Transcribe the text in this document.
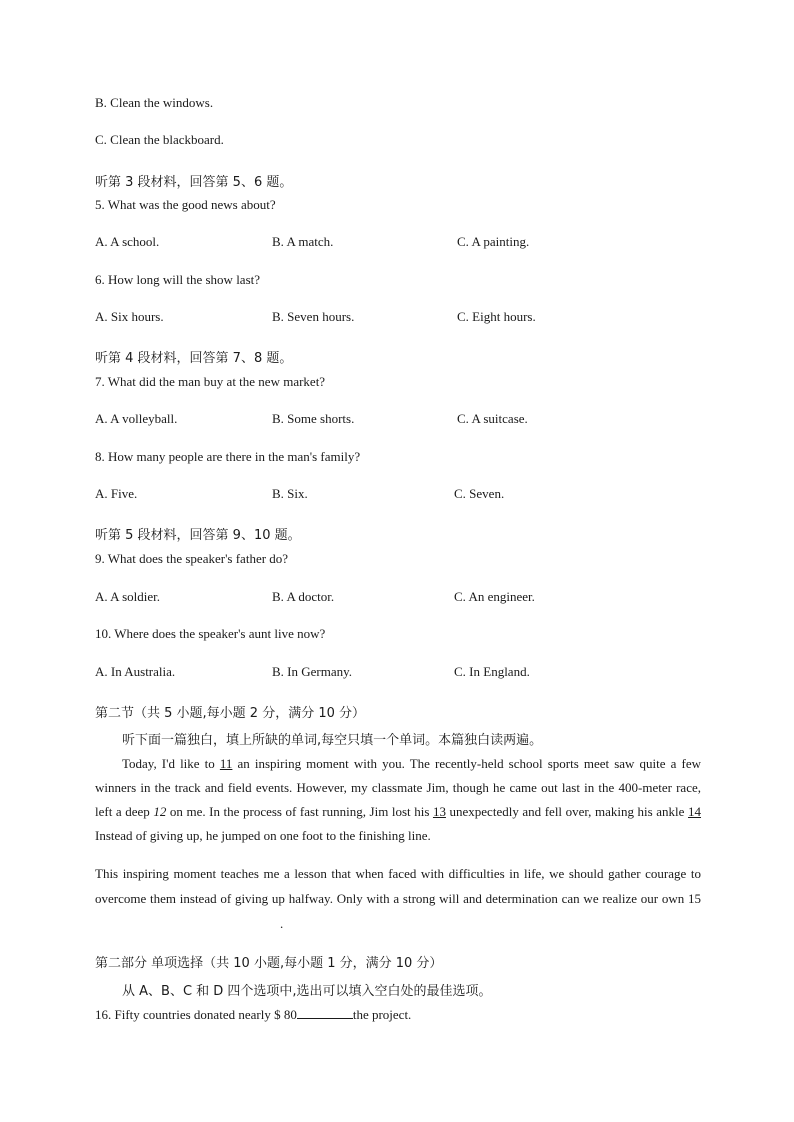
B. Clean the windows.
C. Clean the blackboard.
听第 3 段材料，回答第 5、6 题。
5. What was the good news about?
A. A school.	B. A match.	C. A painting.
6. How long will the show last?
A. Six hours.	B. Seven hours.	C. Eight hours.
听第 4 段材料，回答第 7、8 题。
7. What did the man buy at the new market?
A. A volleyball.	B. Some shorts.	C. A suitcase.
8. How many people are there in the man's family?
A. Five.	B. Six.	C. Seven.
听第 5 段材料，回答第 9、10 题。
9. What does the speaker's father do?
A. A soldier.	B. A doctor.	C. An engineer.
10. Where does the speaker's aunt live now?
A. In Australia.	B. In Germany.	C. In England.
第二节（共 5 小题,每小题 2 分，满分 10 分）
听下面一篇独白，填上所缺的单词,每空只填一个单词。本篇独白读两遍。
Today, I'd like to 11 an inspiring moment with you. The recently-held school sports meet saw quite a few winners in the track and field events. However, my classmate Jim, though he came out last in the 400-meter race, left a deep 12 on me. In the process of fast running, Jim lost his 13 unexpectedly and fell over, making his ankle 14 Instead of giving up, he jumped on one foot to the finishing line.
This inspiring moment teaches me a lesson that when faced with difficulties in life, we should gather courage to overcome them instead of giving up halfway. Only with a strong will and determination can we realize our own 15.
第二部分 单项选择（共 10 小题,每小题 1 分，满分 10 分）
从 A、B、C 和 D 四个选项中,选出可以填入空白处的最佳选项。
16. Fifty countries donated nearly $ 80	the project.
